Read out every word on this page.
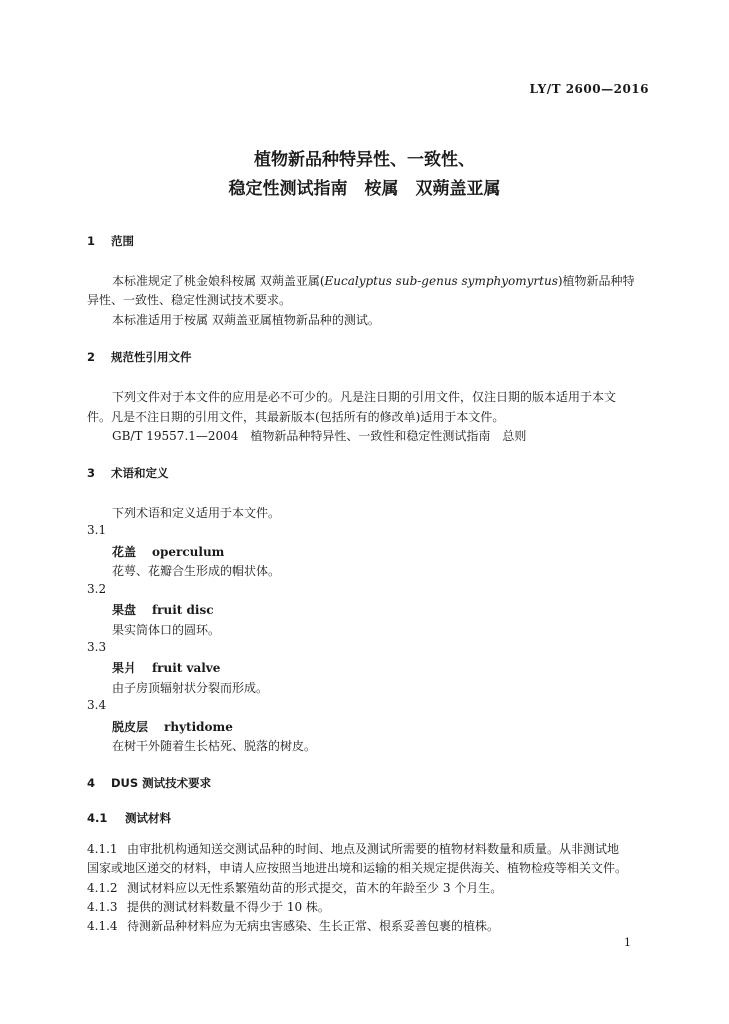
LY/T 2600—2016
植物新品种特异性、一致性、
稳定性测试指南　桉属　双蒴盖亚属
1 范围
本标准规定了桃金娘科桉属 双蒴盖亚属(Eucalyptus sub-genus symphyomyrtus)植物新品种特
异性、一致性、稳定性测试技术要求。
本标准适用于桉属 双蒴盖亚属植物新品种的测试。
2 规范性引用文件
下列文件对于本文件的应用是必不可少的。凡是注日期的引用文件，仅注日期的版本适用于本文
件。凡是不注日期的引用文件，其最新版本(包括所有的修改单)适用于本文件。
GB/T 19557.1—2004　植物新品种特异性、一致性和稳定性测试指南　总则
3 术语和定义
下列术语和定义适用于本文件。
3.1
花盖 operculum
花萼、花瓣合生形成的帽状体。
3.2
果盘 fruit disc
果实筒体口的圆环。
3.3
果爿 fruit valve
由子房顶辐射状分裂而形成。
3.4
脱皮层 rhytidome
在树干外随着生长枯死、脱落的树皮。
4 DUS 测试技术要求
4.1 测试材料
4.1.1 由审批机构通知送交测试品种的时间、地点及测试所需要的植物材料数量和质量。从非测试地
国家或地区递交的材料，申请人应按照当地进出境和运输的相关规定提供海关、植物检疫等相关文件。
4.1.2 测试材料应以无性系繁殖幼苗的形式提交，苗木的年龄至少 3 个月生。
4.1.3 提供的测试材料数量不得少于 10 株。
4.1.4 待测新品种材料应为无病虫害感染、生长正常、根系妥善包裹的植株。
1
